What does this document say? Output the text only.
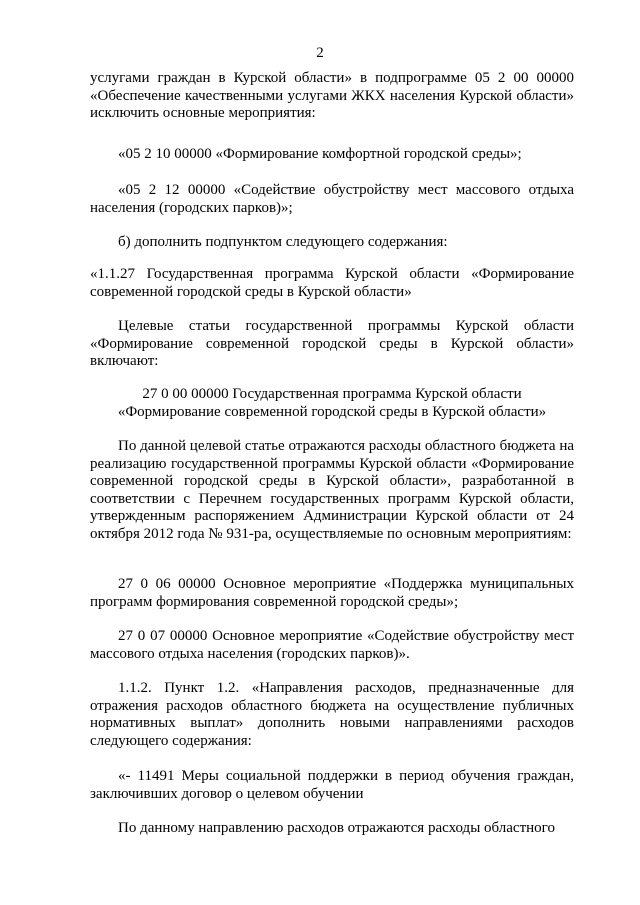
2

услугами граждан в Курской области» в подпрограмме 05 2 00 00000 «Обеспечение качественными услугами ЖКХ населения Курской области» исключить основные мероприятия:

«05 2 10 00000 «Формирование комфортной городской среды»;

«05 2 12 00000 «Содействие обустройству мест массового отдыха населения (городских парков)»;

б) дополнить подпунктом следующего содержания:

«1.1.27 Государственная программа Курской области «Формирование современной городской среды в Курской области»

Целевые статьи государственной программы Курской области «Формирование современной городской среды в Курской области» включают:

27 0 00 00000 Государственная программа Курской области

«Формирование современной городской среды в Курской области»

По данной целевой статье отражаются расходы областного бюджета на реализацию государственной программы Курской области «Формирование современной городской среды в Курской области», разработанной в соответствии с Перечнем государственных программ Курской области, утвержденным распоряжением Администрации Курской области от 24 октября 2012 года № 931-ра, осуществляемые по основным мероприятиям:

27 0 06 00000 Основное мероприятие «Поддержка муниципальных программ формирования современной городской среды»;

27 0 07 00000 Основное мероприятие «Содействие обустройству мест массового отдыха населения (городских парков)».

1.1.2. Пункт 1.2. «Направления расходов, предназначенные для отражения расходов областного бюджета на осуществление публичных нормативных выплат» дополнить новыми направлениями расходов следующего содержания:

«- 11491 Меры социальной поддержки в период обучения граждан, заключивших договор о целевом обучении

По данному направлению расходов отражаются расходы областного
